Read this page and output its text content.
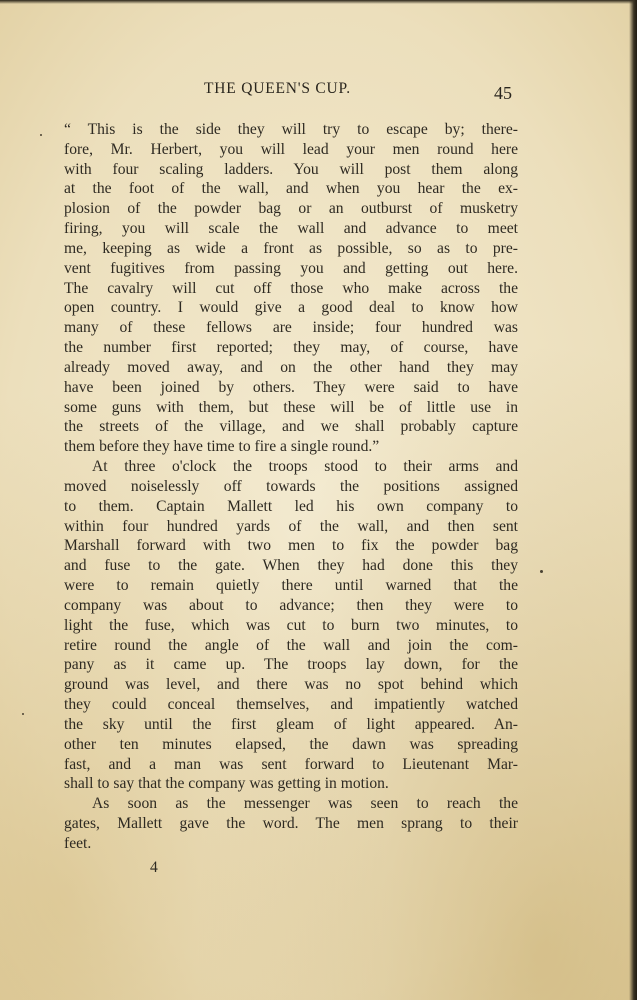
THE QUEEN'S CUP.	45
“ This is the side they will try to escape by; there-
fore, Mr. Herbert, you will lead your men round here
with four scaling ladders. You will post them along
at the foot of the wall, and when you hear the ex-
plosion of the powder bag or an outburst of musketry
firing, you will scale the wall and advance to meet
me, keeping as wide a front as possible, so as to pre-
vent fugitives from passing you and getting out here.
The cavalry will cut off those who make across the
open country. I would give a good deal to know how
many of these fellows are inside; four hundred was
the number first reported; they may, of course, have
already moved away, and on the other hand they may
have been joined by others. They were said to have
some guns with them, but these will be of little use in
the streets of the village, and we shall probably capture
them before they have time to fire a single round.”
At three o'clock the troops stood to their arms and
moved noiselessly off towards the positions assigned
to them. Captain Mallett led his own company to
within four hundred yards of the wall, and then sent
Marshall forward with two men to fix the powder bag
and fuse to the gate. When they had done this they
were to remain quietly there until warned that the
company was about to advance; then they were to
light the fuse, which was cut to burn two minutes, to
retire round the angle of the wall and join the com-
pany as it came up. The troops lay down, for the
ground was level, and there was no spot behind which
they could conceal themselves, and impatiently watched
the sky until the first gleam of light appeared. An-
other ten minutes elapsed, the dawn was spreading
fast, and a man was sent forward to Lieutenant Mar-
shall to say that the company was getting in motion.
As soon as the messenger was seen to reach the
gates, Mallett gave the word. The men sprang to their
feet.
4
